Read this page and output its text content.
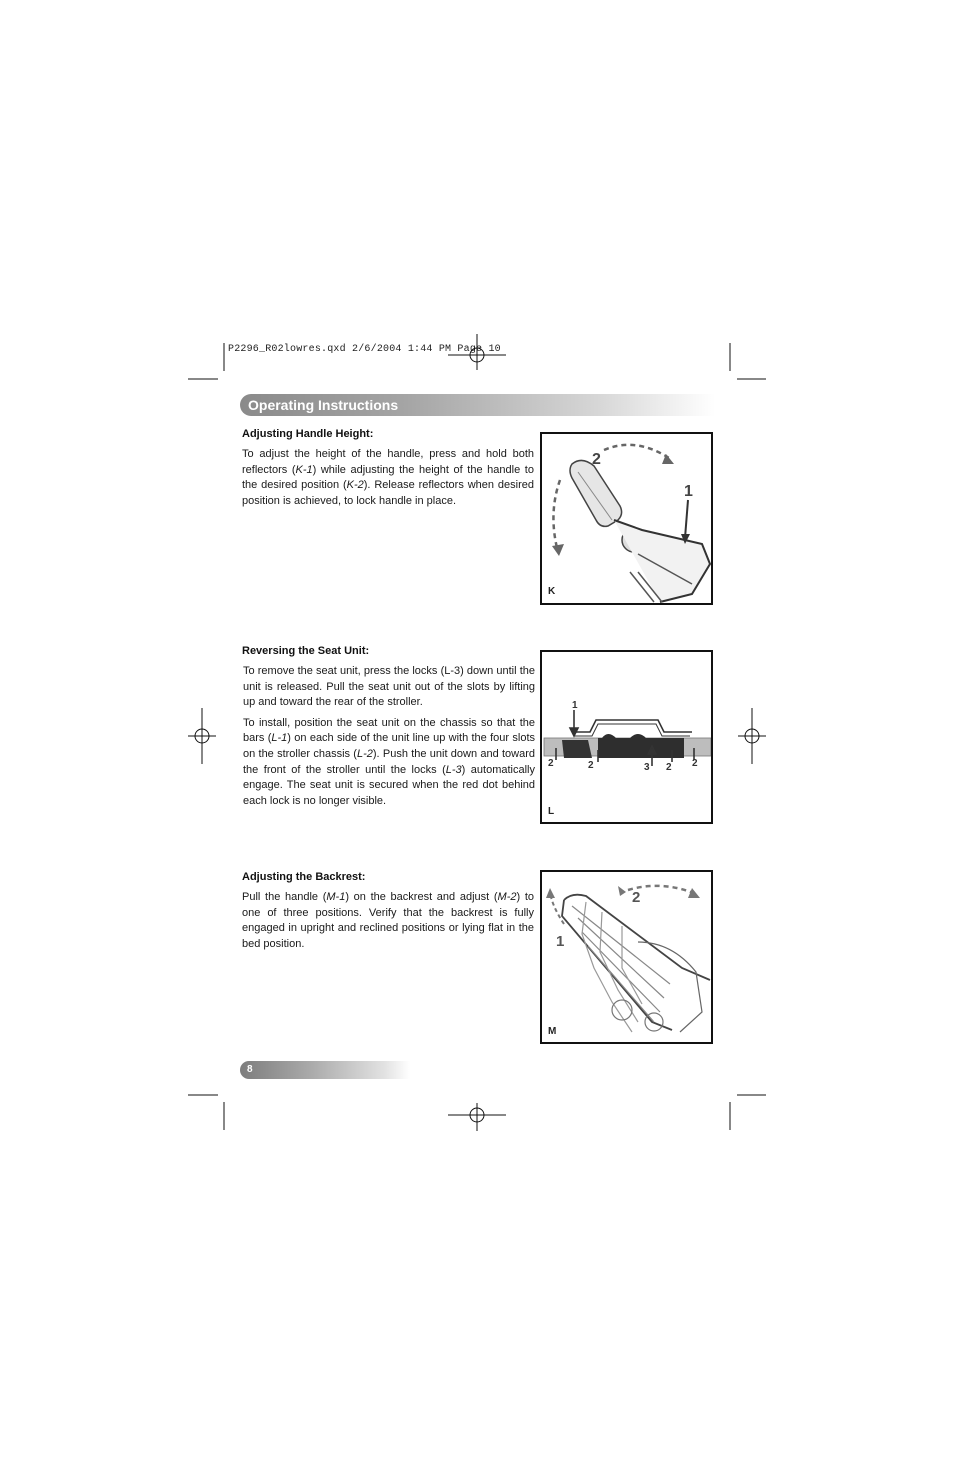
P2296_R02lowres.qxd 2/6/2004 1:44 PM Page 10
Operating Instructions
Adjusting Handle Height:

To adjust the height of the handle, press and hold both reflectors (K-1) while adjusting the height of the handle to the desired position (K-2). Release reflectors when desired position is achieved, to lock handle in place.

1
2
K
Reversing the Seat Unit:

To remove the seat unit, press the locks (L-3) down until the unit is released. Pull the seat unit out of the slots by lifting up and toward the rear of the stroller.

To install, position the seat unit on the chassis so that the bars (L-1) on each side of the unit line up with the four slots on the stroller chassis (L-2). Push the unit down and toward the front of the stroller until the locks (L-3) automatically engage. The seat unit is secured when the red dot behind each lock is no longer visible.

1
2	2	3 2 2
L
Adjusting the Backrest:

Pull the handle (M-1) on the backrest and adjust (M-2) to one of three positions. Verify that the backrest is fully engaged in upright and reclined positions or lying flat in the bed position.	1
2
M
8
